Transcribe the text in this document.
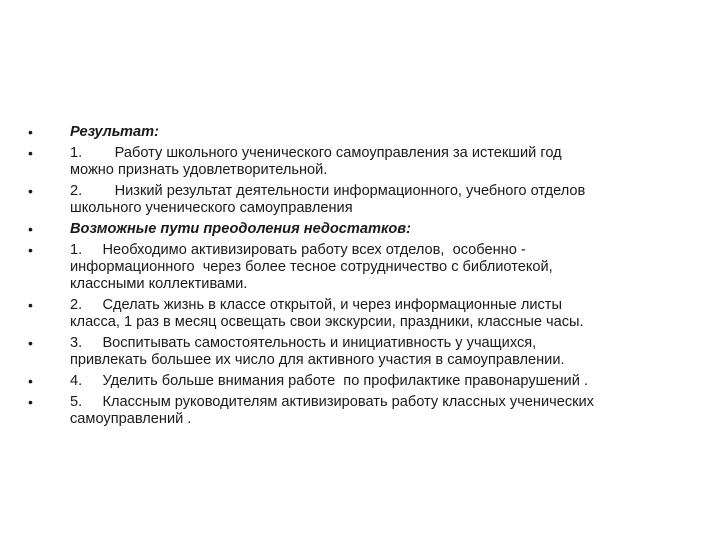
•	Результат:
•	1.        Работу школьного ученического самоуправления за истекший год
можно признать удовлетворительной.
•	2.        Низкий результат деятельности информационного, учебного отделов
школьного ученического самоуправления
•	Возможные пути преодоления недостатков:
•	1.     Необходимо активизировать работу всех отделов,  особенно -
информационного  через более тесное сотрудничество с библиотекой,
классными коллективами.
•	2.     Сделать жизнь в классе открытой, и через информационные листы
класса, 1 раз в месяц освещать свои экскурсии, праздники, классные часы.
•	3.     Воспитывать самостоятельность и инициативность у учащихся,
привлекать большее их число для активного участия в самоуправлении.
•	4.     Уделить больше внимания работе  по профилактике правонарушений .
•	5.     Классным руководителям активизировать работу классных ученических
самоуправлений .
